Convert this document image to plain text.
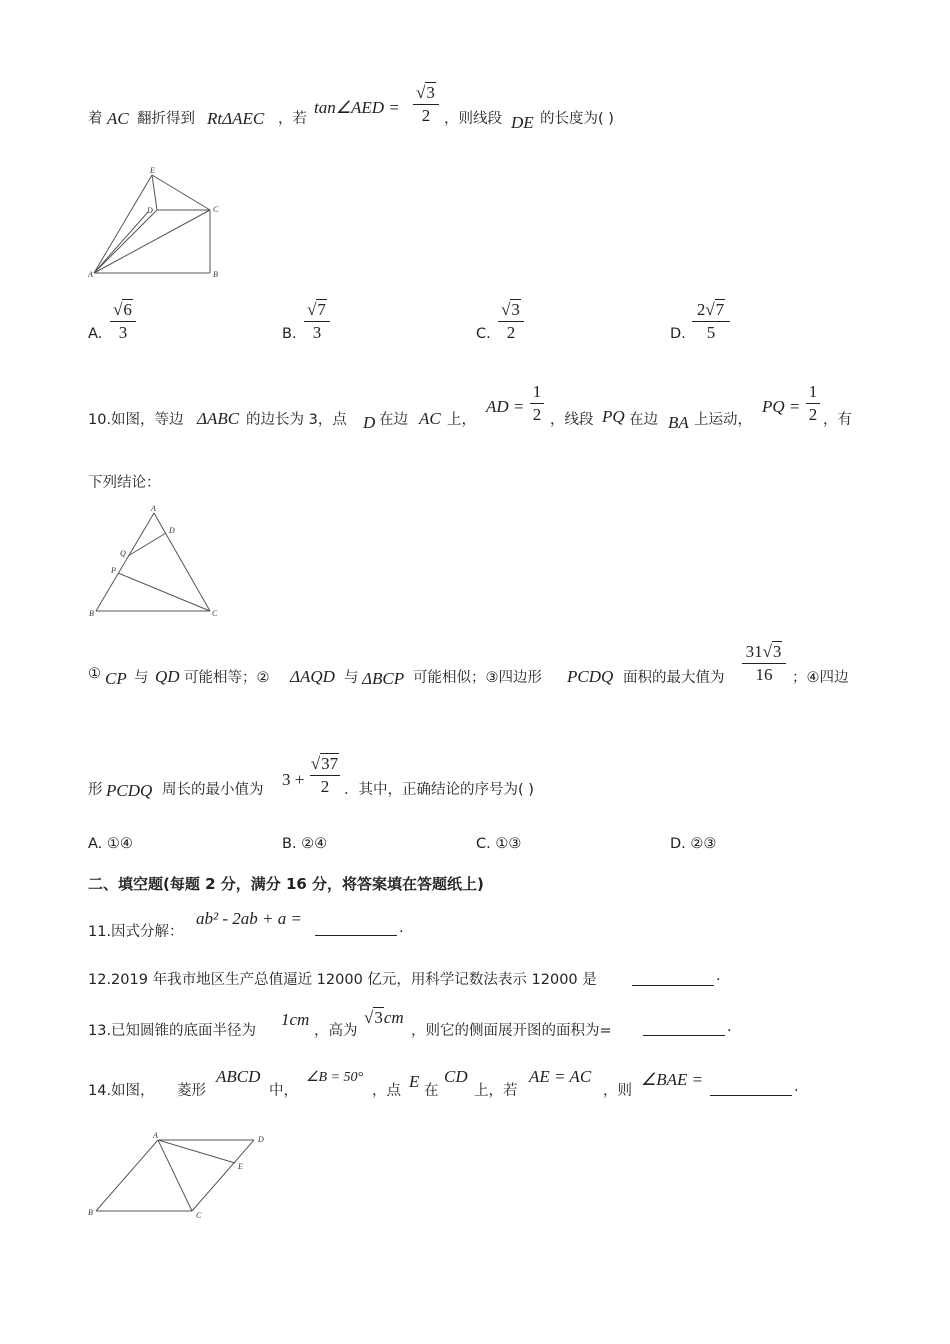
着 AC 翻折得到 RtΔAEC ，若
tan∠AED =
√3
2 ，则线段 DE 的长度为( )
E
D	C
A	B
A.
√6
3	B.
√7
3	C.
√3
2	D.
2√7
5
10.如图，等边 ΔABC 的边长为 3，点 D 在边 AC 上，
AD =
1
2 ，线段 PQ 在边 BA 上运动，
PQ =
1
2 ，有
下列结论：
A
D
Q
P
B	C
① CP 与 QD 可能相等；② ΔAQD 与 ΔBCP 可能相似；③四边形 PCDQ 面积的最大值为
31√3
16	；④四边
形 PCDQ 周长的最小值为
3 +
√37
2	．其中，正确结论的序号为( )
A. ①④	B. ②④	C. ①③	D. ②③
二、填空题(每题 2 分，满分 16 分，将答案填在答题纸上)
11.因式分解：
ab² - 2ab + a =	.
12.2019 年我市地区生产总值逼近 12000 亿元，用科学记数法表示 12000 是	.
13.已知圆锥的底面半径为
1cm
，高为
√3cm
，则它的侧面展开图的面积为=	.
14.如图， 菱形
ABCD
中，
∠B = 50°
，点 E 在
CD
上，若
AE = AC
，则
∠BAE =	.
A	D
E
B	C
